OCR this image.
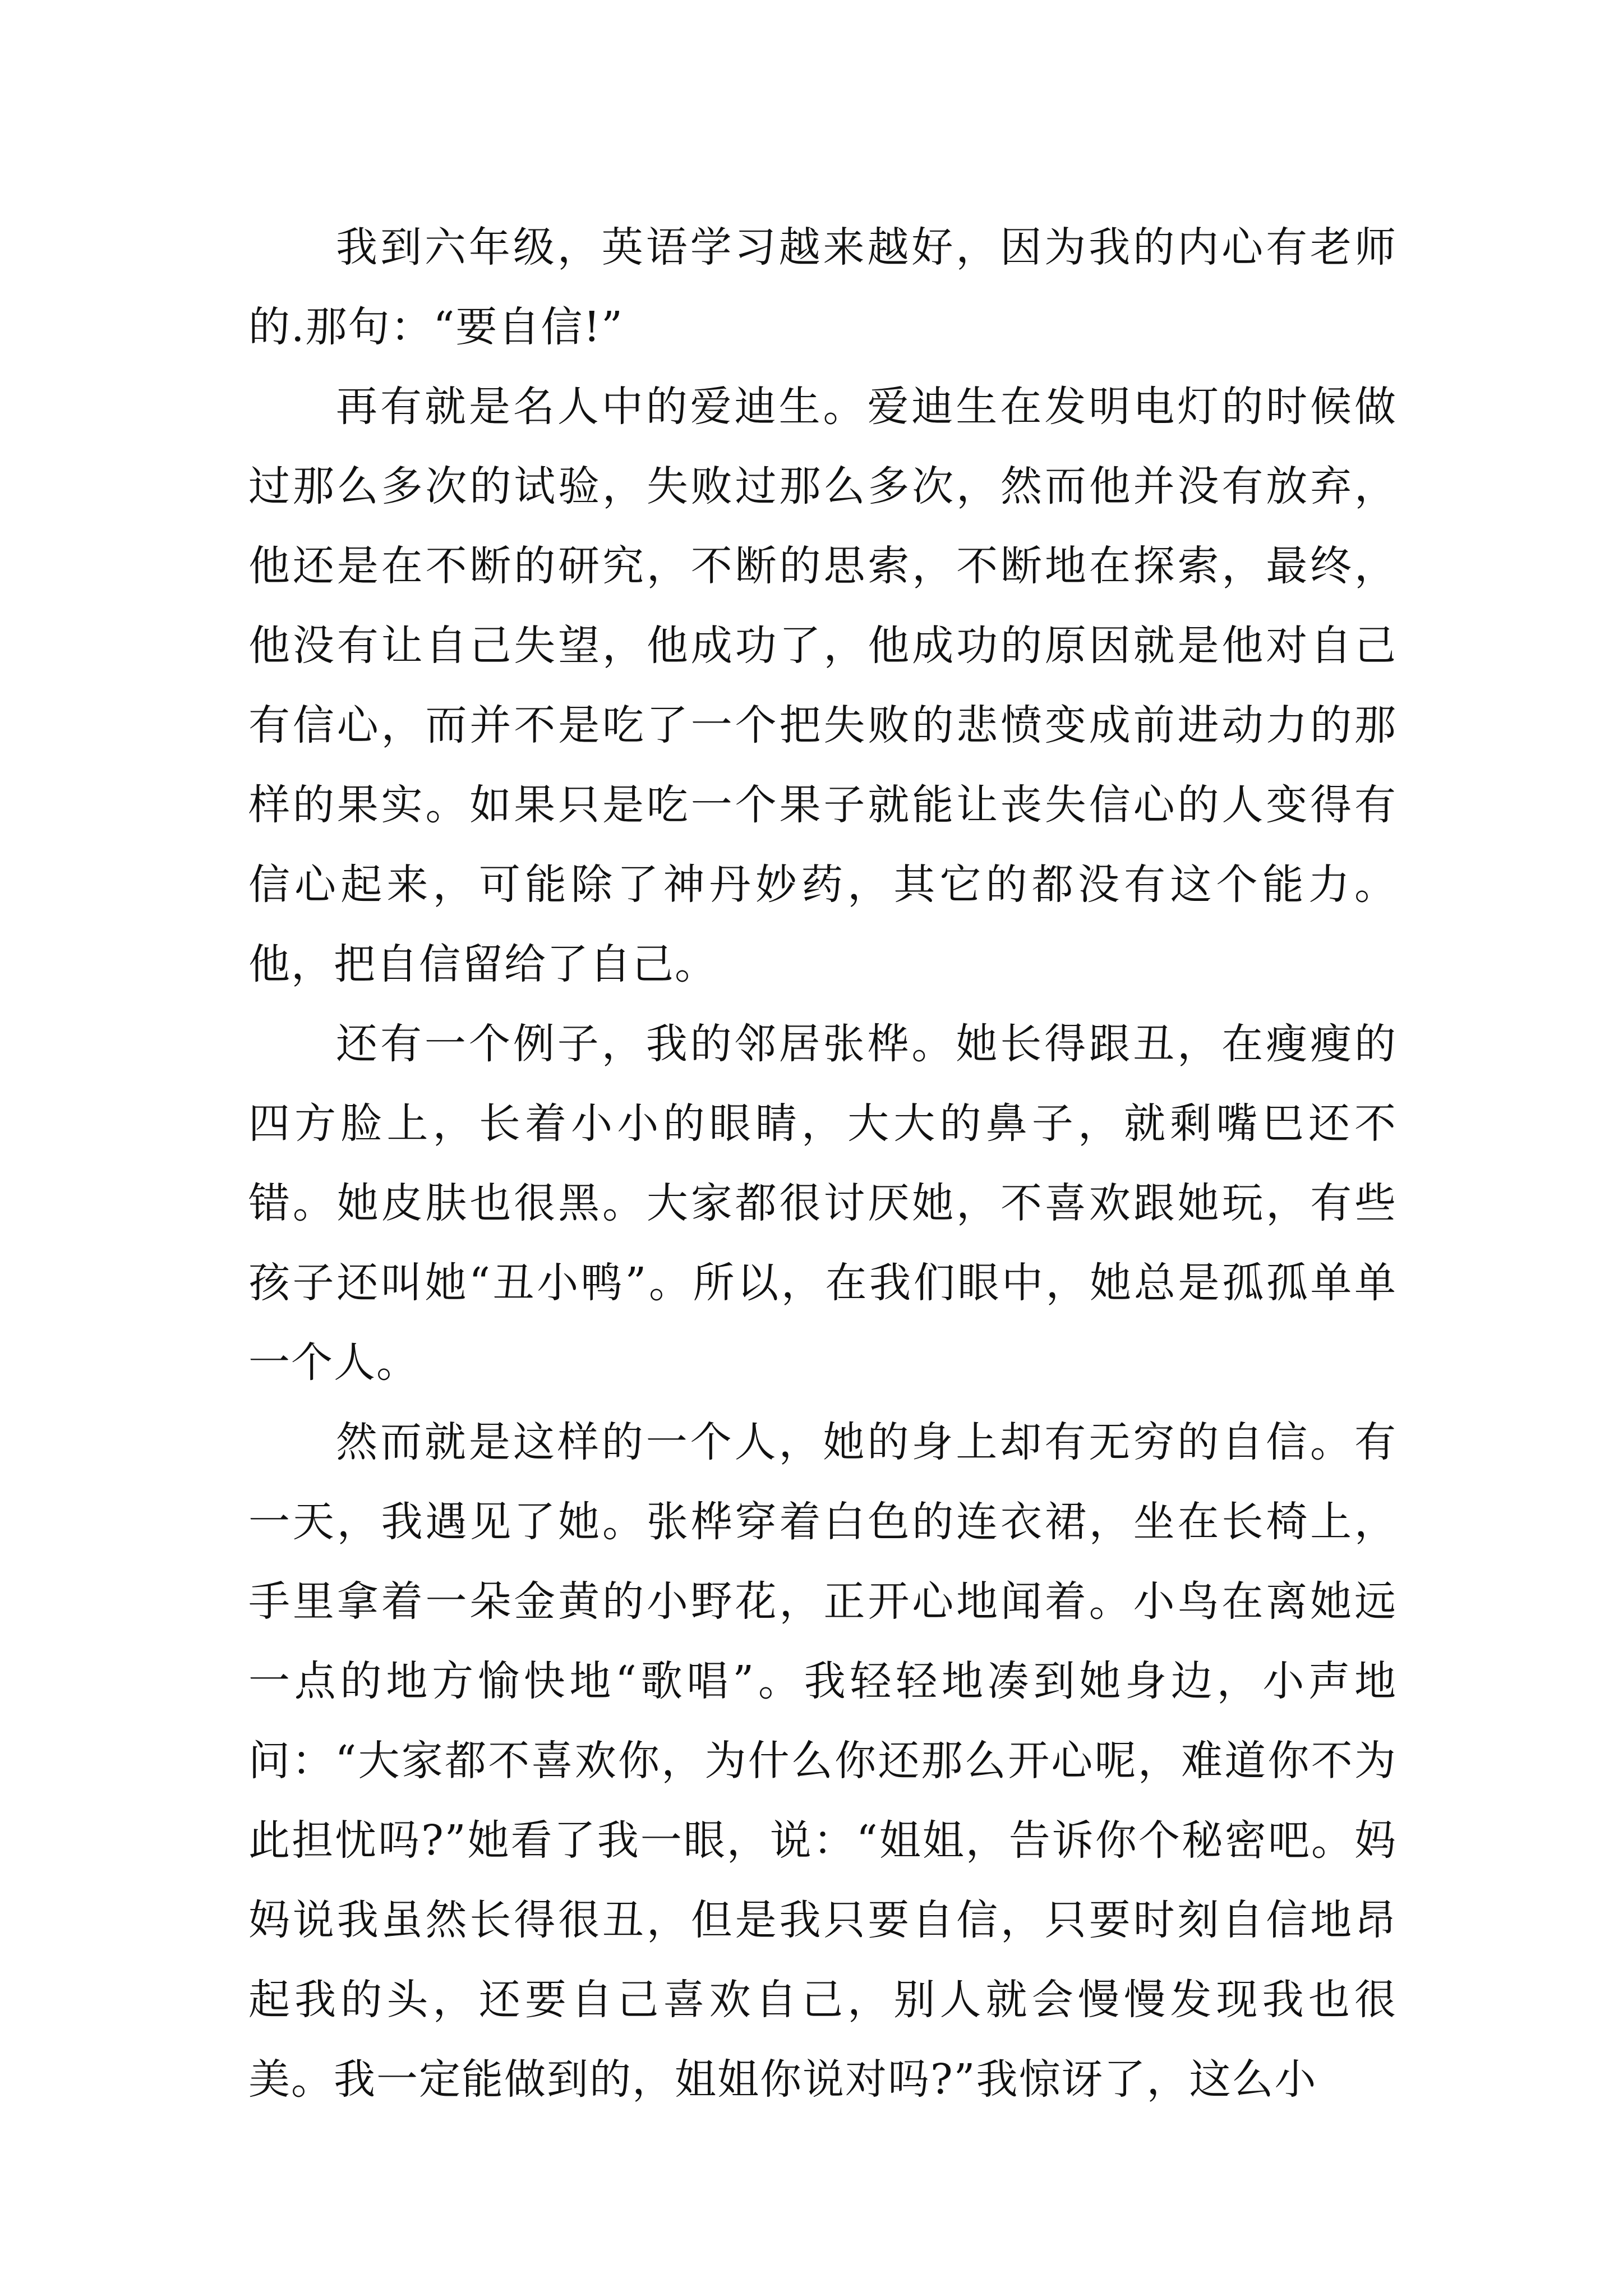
我到六年级，英语学习越来越好，因为我的内心有老师的.那句：“要自信!”

再有就是名人中的爱迪生。爱迪生在发明电灯的时候做过那么多次的试验，失败过那么多次，然而他并没有放弃，他还是在不断的研究，不断的思索，不断地在探索，最终，他没有让自己失望，他成功了，他成功的原因就是他对自己有信心，而并不是吃了一个把失败的悲愤变成前进动力的那样的果实。如果只是吃一个果子就能让丧失信心的人变得有信心起来，可能除了神丹妙药，其它的都没有这个能力。他，把自信留给了自己。

还有一个例子，我的邻居张桦。她长得跟丑，在瘦瘦的四方脸上，长着小小的眼睛，大大的鼻子，就剩嘴巴还不错。她皮肤也很黑。大家都很讨厌她，不喜欢跟她玩，有些孩子还叫她“丑小鸭”。所以，在我们眼中，她总是孤孤单单一个人。

然而就是这样的一个人，她的身上却有无穷的自信。有一天，我遇见了她。张桦穿着白色的连衣裙，坐在长椅上，手里拿着一朵金黄的小野花，正开心地闻着。小鸟在离她远一点的地方愉快地“歌唱”。我轻轻地凑到她身边，小声地问：“大家都不喜欢你，为什么你还那么开心呢，难道你不为此担忧吗?”她看了我一眼，说：“姐姐，告诉你个秘密吧。妈妈说我虽然长得很丑，但是我只要自信，只要时刻自信地昂起我的头，还要自己喜欢自己，别人就会慢慢发现我也很美。我一定能做到的，姐姐你说对吗?”我惊讶了，这么小
